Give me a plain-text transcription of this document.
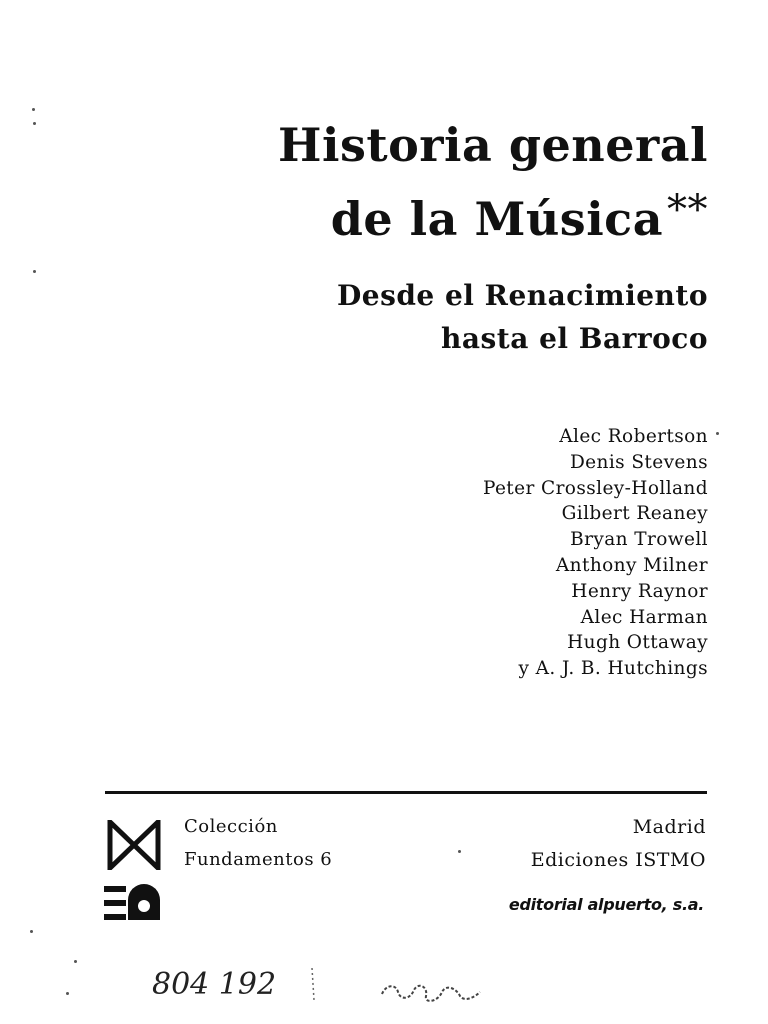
Historia general
de la Música **
Desde el Renacimiento
hasta el Barroco
Alec Robertson
Denis Stevens
Peter Crossley-Holland
Gilbert Reaney
Bryan Trowell
Anthony Milner
Henry Raynor
Alec Harman
Hugh Ottaway
y A. J. B. Hutchings
Colección
Fundamentos 6
Madrid
Ediciones ISTMO
editorial alpuerto, s.a.
804 192
